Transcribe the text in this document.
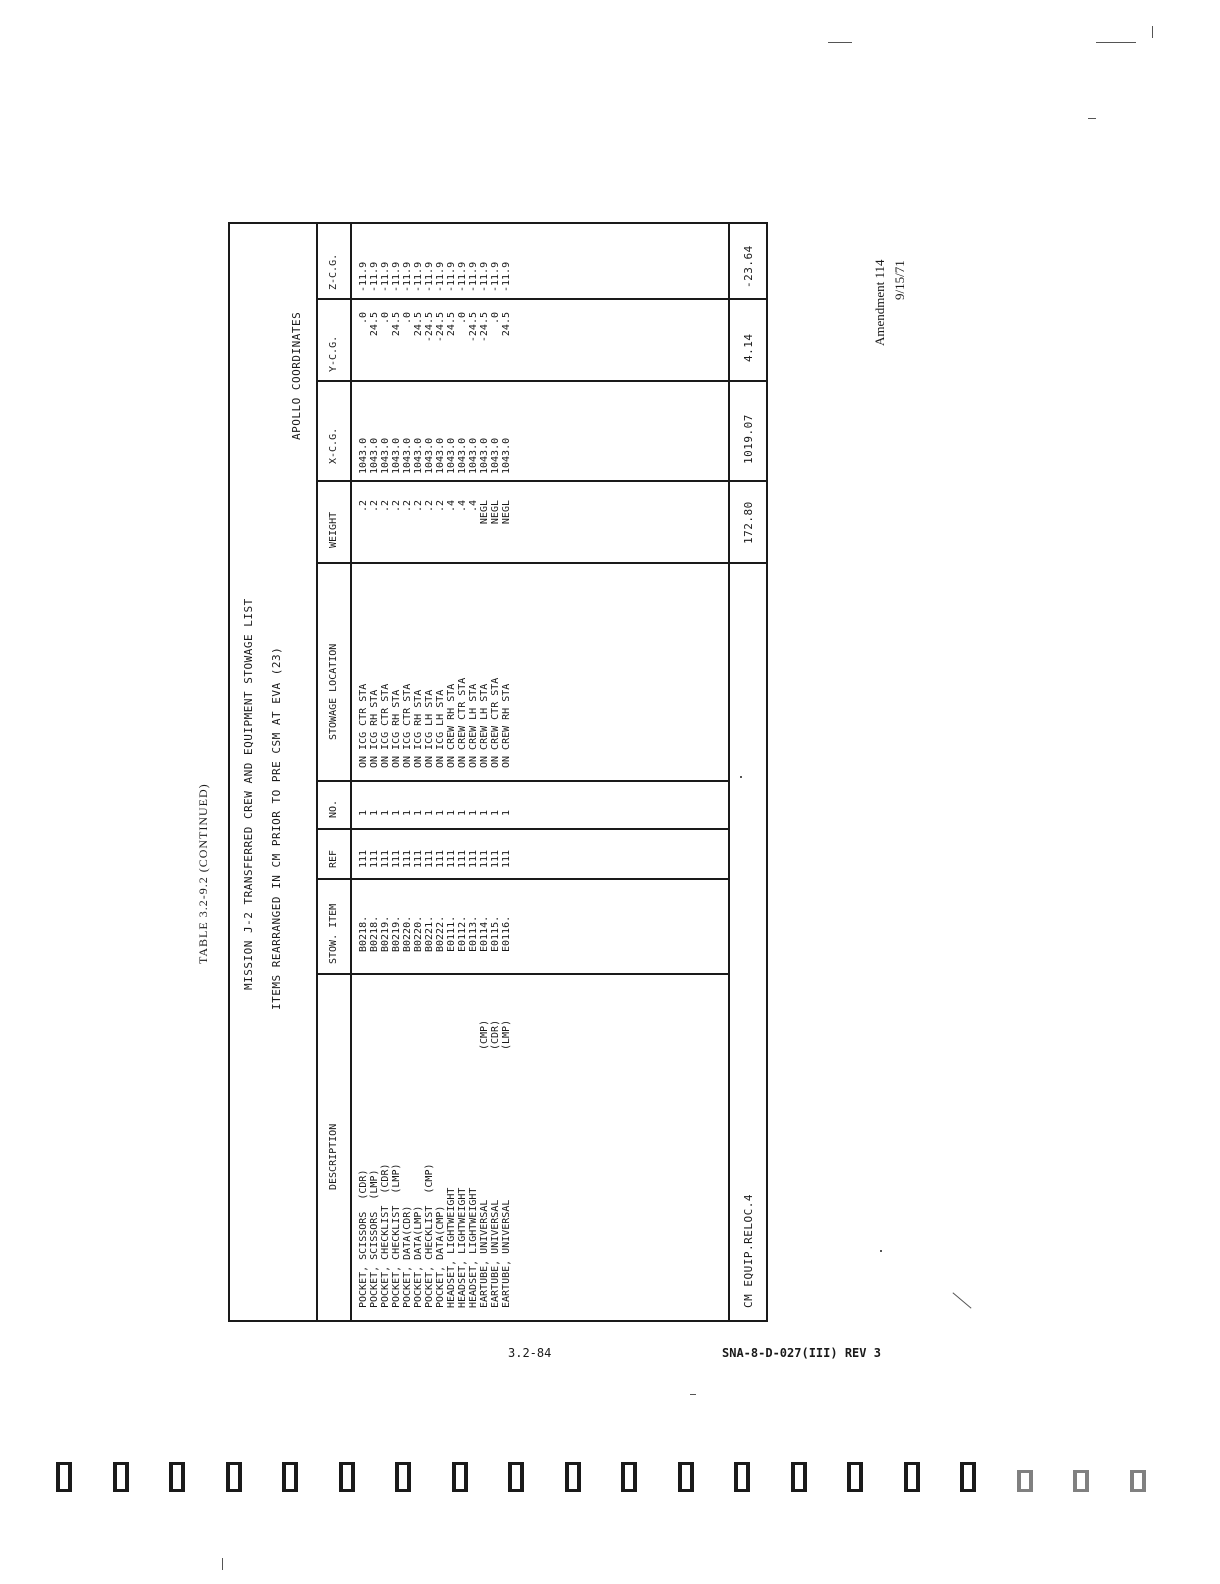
Amendment 114 9/15/71
TABLE 3.2-9.2 (CONTINUED)	MISSION J-2 TRANSFERRED CREW AND EQUIPMENT STOWAGE LIST ITEMS REARRANGED IN CM PRIOR TO PRE CSM AT EVA (23)
APOLLO COORDINATES
DESCRIPTION
STOW. ITEM
REF
NO.
STOWAGE LOCATION
WEIGHT
X-C.G.
Y-C.G.
Z-C.G.
POCKET, SCISSORS  (CDR)
B0218.
111
1
ON ICG CTR STA
.2
1043.0
.0
-11.9
POCKET, SCISSORS  (LMP)
B0218.
111
1
ON ICG RH STA
.2
1043.0
24.5
-11.9
POCKET, CHECKLIST  (CDR)
B0219.
111
1
ON ICG CTR STA
.2
1043.0
.0
-11.9
POCKET, CHECKLIST  (LMP)
B0219.
111
1
ON ICG RH STA
.2
1043.0
24.5
-11.9
POCKET, DATA(CDR)
B0220.
111
1
ON ICG CTR STA
.2
1043.0
.0
-11.9
POCKET, DATA(LMP)
B0220.
111
1
ON ICG RH STA
.2
1043.0
24.5
-11.9
POCKET, CHECKLIST  (CMP)
B0221.
111
1
ON ICG LH STA
.2
1043.0
-24.5
-11.9
POCKET, DATA(CMP)
B0222.
111
1
ON ICG LH STA
.2
1043.0
-24.5
-11.9
HEADSET, LIGHTWEIGHT
E0111.
111
1
ON CREW RH STA
.4
1043.0
24.5
-11.9
HEADSET, LIGHTWEIGHT
E0112.
111
1
ON CREW CTR STA
.4
1043.0
.0
-11.9
HEADSET, LIGHTWEIGHT
E0113.
111
1
ON CREW LH STA
.4
1043.0
-24.5
-11.9
EARTUBE, UNIVERSAL
(CMP)
E0114.
111
1
ON CREW LH STA
NEGL
1043.0
-24.5
-11.9
EARTUBE, UNIVERSAL
(CDR)
E0115.
111
1
ON CREW CTR STA
NEGL
1043.0
.0
-11.9
EARTUBE, UNIVERSAL
(LMP)
E0116.
111
1
ON CREW RH STA
NEGL
1043.0
24.5
-11.9
CM EQUIP.RELOC.4
172.80
1019.07
4.14
-23.64
3.2-84	SNA-8-D-027(III) REV 3
